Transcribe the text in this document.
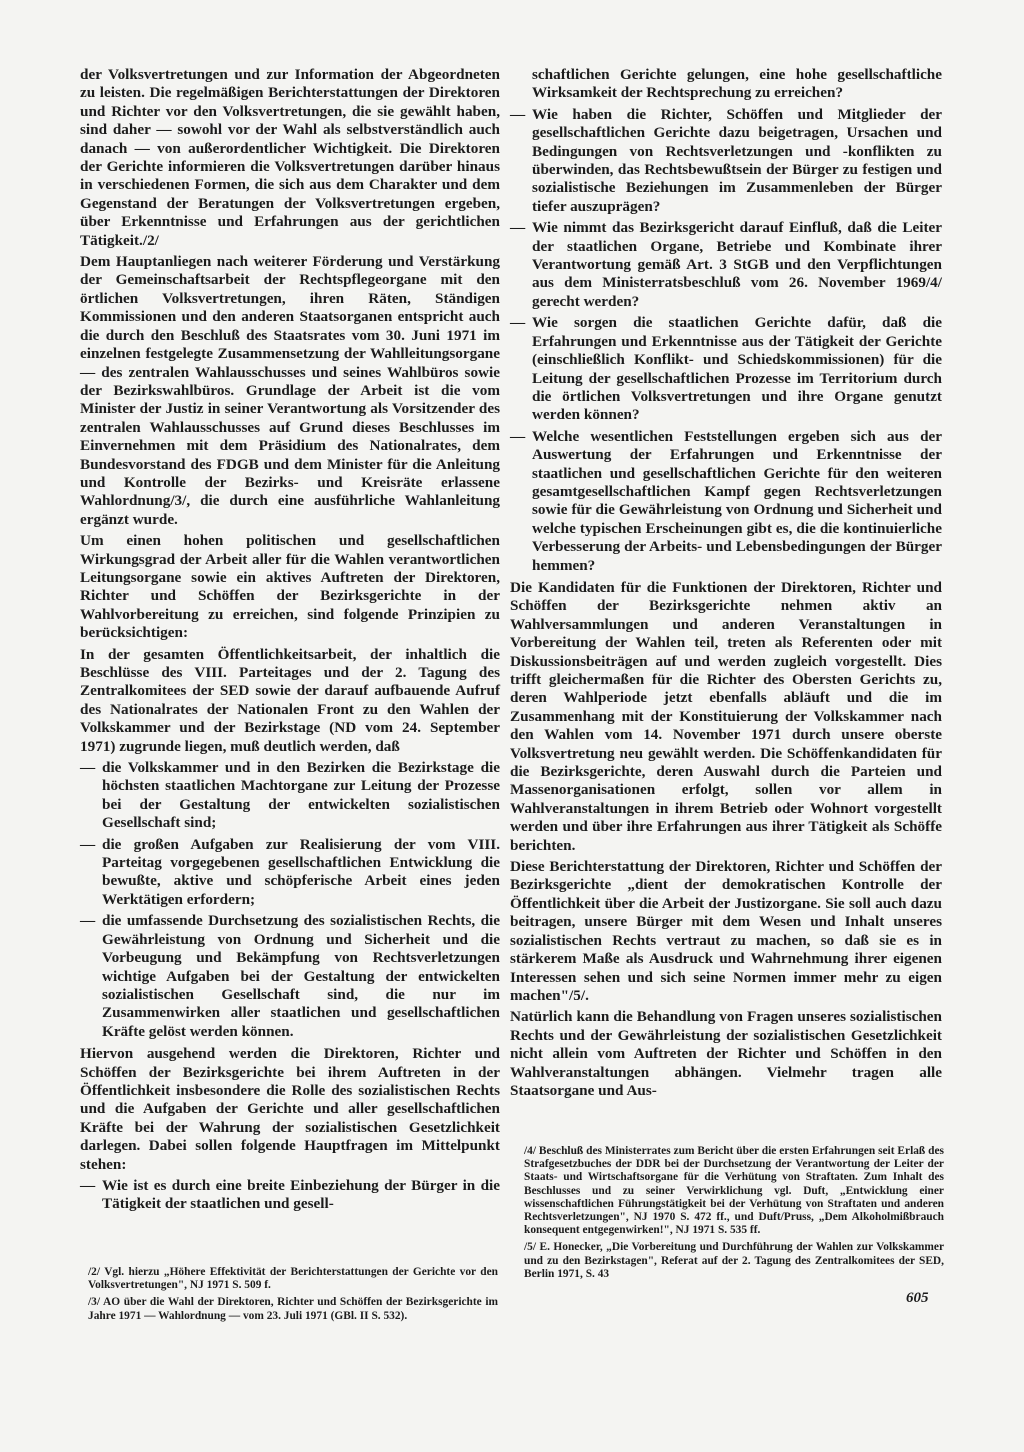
der Volksvertretungen und zur Information der Abgeordneten zu leisten. Die regelmäßigen Berichterstattungen der Direktoren und Richter vor den Volksvertretungen, die sie gewählt haben, sind daher — sowohl vor der Wahl als selbstverständlich auch danach — von außerordentlicher Wichtigkeit. Die Direktoren der Gerichte informieren die Volksvertretungen darüber hinaus in verschiedenen Formen, die sich aus dem Charakter und dem Gegenstand der Beratungen der Volksvertretungen ergeben, über Erkenntnisse und Erfahrungen aus der gerichtlichen Tätigkeit./2/

Dem Hauptanliegen nach weiterer Förderung und Verstärkung der Gemeinschaftsarbeit der Rechtspflegeorgane mit den örtlichen Volksvertretungen, ihren Räten, Ständigen Kommissionen und den anderen Staatsorganen entspricht auch die durch den Beschluß des Staatsrates vom 30. Juni 1971 im einzelnen festgelegte Zusammensetzung der Wahlleitungsorgane — des zentralen Wahlausschusses und seines Wahlbüros sowie der Bezirkswahlbüros. Grundlage der Arbeit ist die vom Minister der Justiz in seiner Verantwortung als Vorsitzender des zentralen Wahlausschusses auf Grund dieses Beschlusses im Einvernehmen mit dem Präsidium des Nationalrates, dem Bundesvorstand des FDGB und dem Minister für die Anleitung und Kontrolle der Bezirks- und Kreisräte erlassene Wahlordnung/3/, die durch eine ausführliche Wahlanleitung ergänzt wurde.

Um einen hohen politischen und gesellschaftlichen Wirkungsgrad der Arbeit aller für die Wahlen verantwortlichen Leitungsorgane sowie ein aktives Auftreten der Direktoren, Richter und Schöffen der Bezirksgerichte in der Wahlvorbereitung zu erreichen, sind folgende Prinzipien zu berücksichtigen:

In der gesamten Öffentlichkeitsarbeit, der inhaltlich die Beschlüsse des VIII. Parteitages und der 2. Tagung des Zentralkomitees der SED sowie der darauf aufbauende Aufruf des Nationalrates der Nationalen Front zu den Wahlen der Volkskammer und der Bezirkstage (ND vom 24. September 1971) zugrunde liegen, muß deutlich werden, daß

— die Volkskammer und in den Bezirken die Bezirkstage die höchsten staatlichen Machtorgane zur Leitung der Prozesse bei der Gestaltung der entwickelten sozialistischen Gesellschaft sind;
— die großen Aufgaben zur Realisierung der vom VIII. Parteitag vorgegebenen gesellschaftlichen Entwicklung die bewußte, aktive und schöpferische Arbeit eines jeden Werktätigen erfordern;
— die umfassende Durchsetzung des sozialistischen Rechts, die Gewährleistung von Ordnung und Sicherheit und die Vorbeugung und Bekämpfung von Rechtsverletzungen wichtige Aufgaben bei der Gestaltung der entwickelten sozialistischen Gesellschaft sind, die nur im Zusammenwirken aller staatlichen und gesellschaftlichen Kräfte gelöst werden können.

Hiervon ausgehend werden die Direktoren, Richter und Schöffen der Bezirksgerichte bei ihrem Auftreten in der Öffentlichkeit insbesondere die Rolle des sozialistischen Rechts und die Aufgaben der Gerichte und aller gesellschaftlichen Kräfte bei der Wahrung der sozialistischen Gesetzlichkeit darlegen. Dabei sollen folgende Hauptfragen im Mittelpunkt stehen:

— Wie ist es durch eine breite Einbeziehung der Bürger in die Tätigkeit der staatlichen und gesell-

/2/ Vgl. hierzu „Höhere Effektivität der Berichterstattungen der Gerichte vor den Volksvertretungen", NJ 1971 S. 509 f.

/3/ AO über die Wahl der Direktoren, Richter und Schöffen der Bezirksgerichte im Jahre 1971 — Wahlordnung — vom 23. Juli 1971 (GBl. II S. 532).

schaftlichen Gerichte gelungen, eine hohe gesellschaftliche Wirksamkeit der Rechtsprechung zu erreichen?

— Wie haben die Richter, Schöffen und Mitglieder der gesellschaftlichen Gerichte dazu beigetragen, Ursachen und Bedingungen von Rechtsverletzungen und -konflikten zu überwinden, das Rechtsbewußtsein der Bürger zu festigen und sozialistische Beziehungen im Zusammenleben der Bürger tiefer auszuprägen?
— Wie nimmt das Bezirksgericht darauf Einfluß, daß die Leiter der staatlichen Organe, Betriebe und Kombinate ihrer Verantwortung gemäß Art. 3 StGB und den Verpflichtungen aus dem Ministerratsbeschluß vom 26. November 1969/4/ gerecht werden?
— Wie sorgen die staatlichen Gerichte dafür, daß die Erfahrungen und Erkenntnisse aus der Tätigkeit der Gerichte (einschließlich Konflikt- und Schiedskommissionen) für die Leitung der gesellschaftlichen Prozesse im Territorium durch die örtlichen Volksvertretungen und ihre Organe genutzt werden können?
— Welche wesentlichen Feststellungen ergeben sich aus der Auswertung der Erfahrungen und Erkenntnisse der staatlichen und gesellschaftlichen Gerichte für den weiteren gesamtgesellschaftlichen Kampf gegen Rechtsverletzungen sowie für die Gewährleistung von Ordnung und Sicherheit und welche typischen Erscheinungen gibt es, die die kontinuierliche Verbesserung der Arbeits- und Lebensbedingungen der Bürger hemmen?

Die Kandidaten für die Funktionen der Direktoren, Richter und Schöffen der Bezirksgerichte nehmen aktiv an Wahlversammlungen und anderen Veranstaltungen in Vorbereitung der Wahlen teil, treten als Referenten oder mit Diskussionsbeiträgen auf und werden zugleich vorgestellt. Dies trifft gleichermaßen für die Richter des Obersten Gerichts zu, deren Wahlperiode jetzt ebenfalls abläuft und die im Zusammenhang mit der Konstituierung der Volkskammer nach den Wahlen vom 14. November 1971 durch unsere oberste Volksvertretung neu gewählt werden. Die Schöffenkandidaten für die Bezirksgerichte, deren Auswahl durch die Parteien und Massenorganisationen erfolgt, sollen vor allem in Wahlveranstaltungen in ihrem Betrieb oder Wohnort vorgestellt werden und über ihre Erfahrungen aus ihrer Tätigkeit als Schöffe berichten.

Diese Berichterstattung der Direktoren, Richter und Schöffen der Bezirksgerichte „dient der demokratischen Kontrolle der Öffentlichkeit über die Arbeit der Justizorgane. Sie soll auch dazu beitragen, unsere Bürger mit dem Wesen und Inhalt unseres sozialistischen Rechts vertraut zu machen, so daß sie es in stärkerem Maße als Ausdruck und Wahrnehmung ihrer eigenen Interessen sehen und sich seine Normen immer mehr zu eigen machen"/5/.

Natürlich kann die Behandlung von Fragen unseres sozialistischen Rechts und der Gewährleistung der sozialistischen Gesetzlichkeit nicht allein vom Auftreten der Richter und Schöffen in den Wahlveranstaltungen abhängen. Vielmehr tragen alle Staatsorgane und Aus-

/4/ Beschluß des Ministerrates zum Bericht über die ersten Erfahrungen seit Erlaß des Strafgesetzbuches der DDR bei der Durchsetzung der Verantwortung der Leiter der Staats- und Wirtschaftsorgane für die Verhütung von Straftaten. Zum Inhalt des Beschlusses und zu seiner Verwirklichung vgl. Duft, „Entwicklung einer wissenschaftlichen Führungstätigkeit bei der Verhütung von Straftaten und anderen Rechtsverletzungen", NJ 1970 S. 472 ff., und Duft/Pruss, „Dem Alkoholmißbrauch konsequent entgegenwirken!", NJ 1971 S. 535 ff.

/5/ E. Honecker, „Die Vorbereitung und Durchführung der Wahlen zur Volkskammer und zu den Bezirkstagen", Referat auf der 2. Tagung des Zentralkomitees der SED, Berlin 1971, S. 43

605
